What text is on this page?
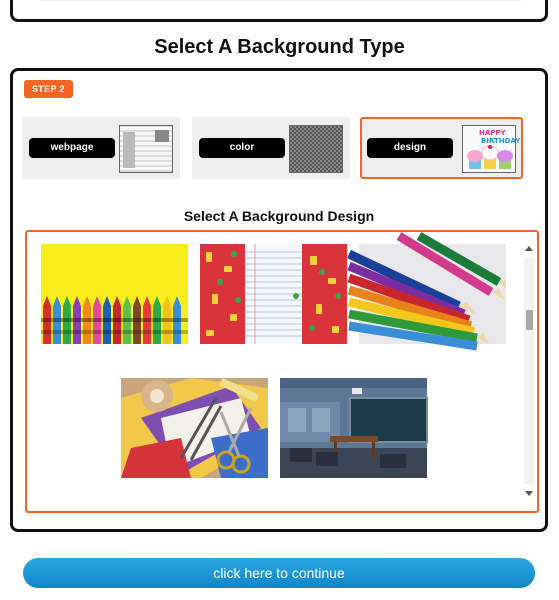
Select A Background Type
STEP 2
webpage	color	design
HAPPY
BIRTHDAY
Select A Background Design
click here to continue
